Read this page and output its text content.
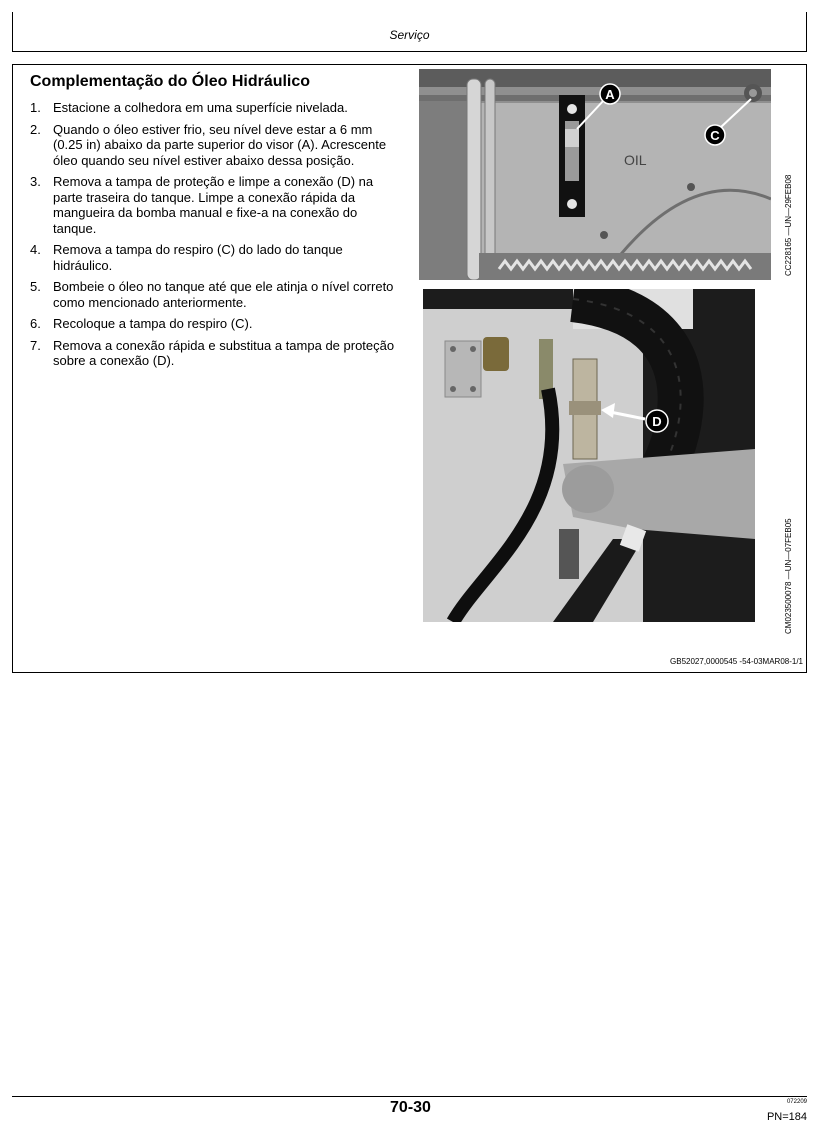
Serviço
Complementação do Óleo Hidráulico
1. Estacione a colhedora em uma superfície nivelada.
2. Quando o óleo estiver frio, seu nível deve estar a 6 mm (0.25 in) abaixo da parte superior do visor (A). Acrescente óleo quando seu nível estiver abaixo dessa posição.
3. Remova a tampa de proteção e limpe a conexão (D) na parte traseira do tanque. Limpe a conexão rápida da mangueira da bomba manual e fixe-a na conexão do tanque.
4. Remova a tampa do respiro (C) do lado do tanque hidráulico.
5. Bombeie o óleo no tanque até que ele atinja o nível correto como mencionado anteriormente.
6. Recoloque a tampa do respiro (C).
7. Remova a conexão rápida e substitua a tampa de proteção sobre a conexão (D).
OIL
A
C
D
CC228165 —UN—29FEB08
CM023500078 —UN—07FEB05
GB52027,0000545 -54-03MAR08-1/1
70-30	072209
PN=184
